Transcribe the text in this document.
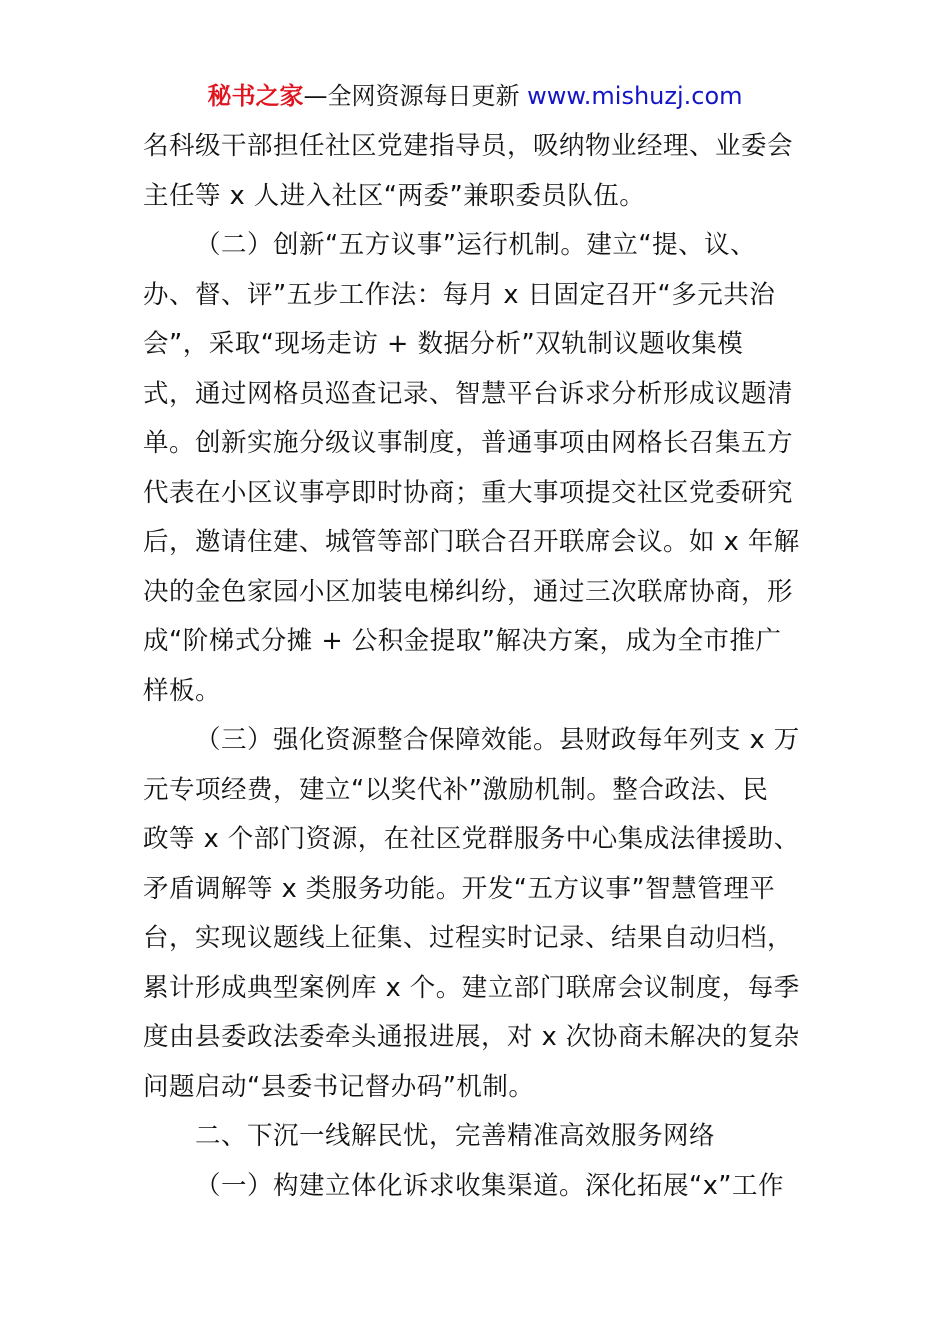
秘书之家—全网资源每日更新 www.mishuzj.com
名科级干部担任社区党建指导员，吸纳物业经理、业委会
主任等 x 人进入社区“两委”兼职委员队伍。
（二）创新“五方议事”运行机制。建立“提、议、
办、督、评”五步工作法：每月 x 日固定召开“多元共治
会”，采取“现场走访 + 数据分析”双轨制议题收集模
式，通过网格员巡查记录、智慧平台诉求分析形成议题清
单。创新实施分级议事制度，普通事项由网格长召集五方
代表在小区议事亭即时协商；重大事项提交社区党委研究
后，邀请住建、城管等部门联合召开联席会议。如 x 年解
决的金色家园小区加装电梯纠纷，通过三次联席协商，形
成“阶梯式分摊 + 公积金提取”解决方案，成为全市推广
样板。
（三）强化资源整合保障效能。县财政每年列支 x 万
元专项经费，建立“以奖代补”激励机制。整合政法、民
政等 x 个部门资源，在社区党群服务中心集成法律援助、
矛盾调解等 x 类服务功能。开发“五方议事”智慧管理平
台，实现议题线上征集、过程实时记录、结果自动归档，
累计形成典型案例库 x 个。建立部门联席会议制度，每季
度由县委政法委牵头通报进展，对 x 次协商未解决的复杂
问题启动“县委书记督办码”机制。
二、下沉一线解民忧，完善精准高效服务网络
（一）构建立体化诉求收集渠道。深化拓展“x”工作
